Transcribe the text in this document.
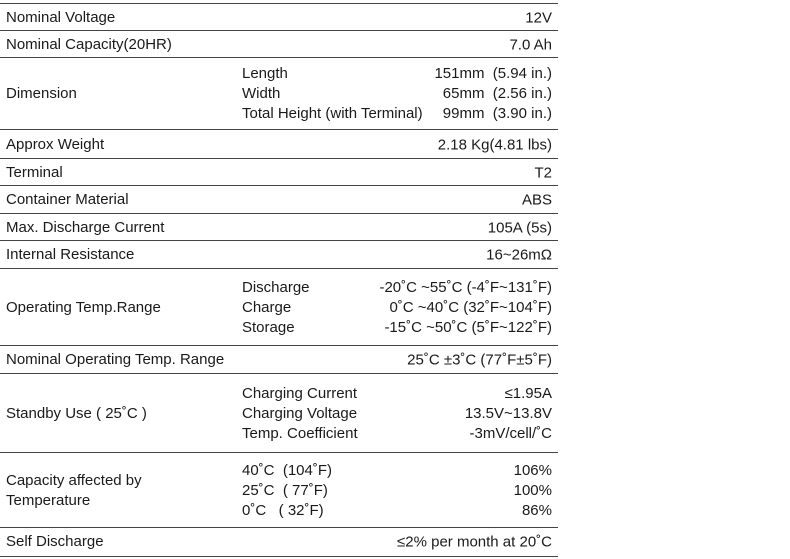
Nominal Voltage	12V
Nominal Capacity(20HR)	7.0 Ah
Dimension
Length	151mm  (5.94 in.)
Width	65mm  (2.56 in.)
Total Height (with Terminal) 99mm  (3.90 in.)
Approx Weight	2.18 Kg(4.81 lbs)
Terminal	T2
Container Material	ABS
Max. Discharge Current	105A (5s)
Internal Resistance	16~26mΩ
Operating Temp.Range
Discharge	-20˚C ~55˚C (-4˚F~131˚F)
Charge	0˚C ~40˚C (32˚F~104˚F)
Storage	-15˚C ~50˚C (5˚F~122˚F)
Nominal Operating Temp. Range	25˚C ±3˚C (77˚F±5˚F)
Standby Use ( 25˚C )
Charging Current	≤1.95A
Charging Voltage	13.5V~13.8V
Temp. Coefficient	-3mV/cell/˚C
Capacity affected by
Temperature
40˚C  (104˚F)	106%
25˚C  ( 77˚F)	100%
0˚C   ( 32˚F)	86%
Self Discharge	≤2% per month at 20˚C
